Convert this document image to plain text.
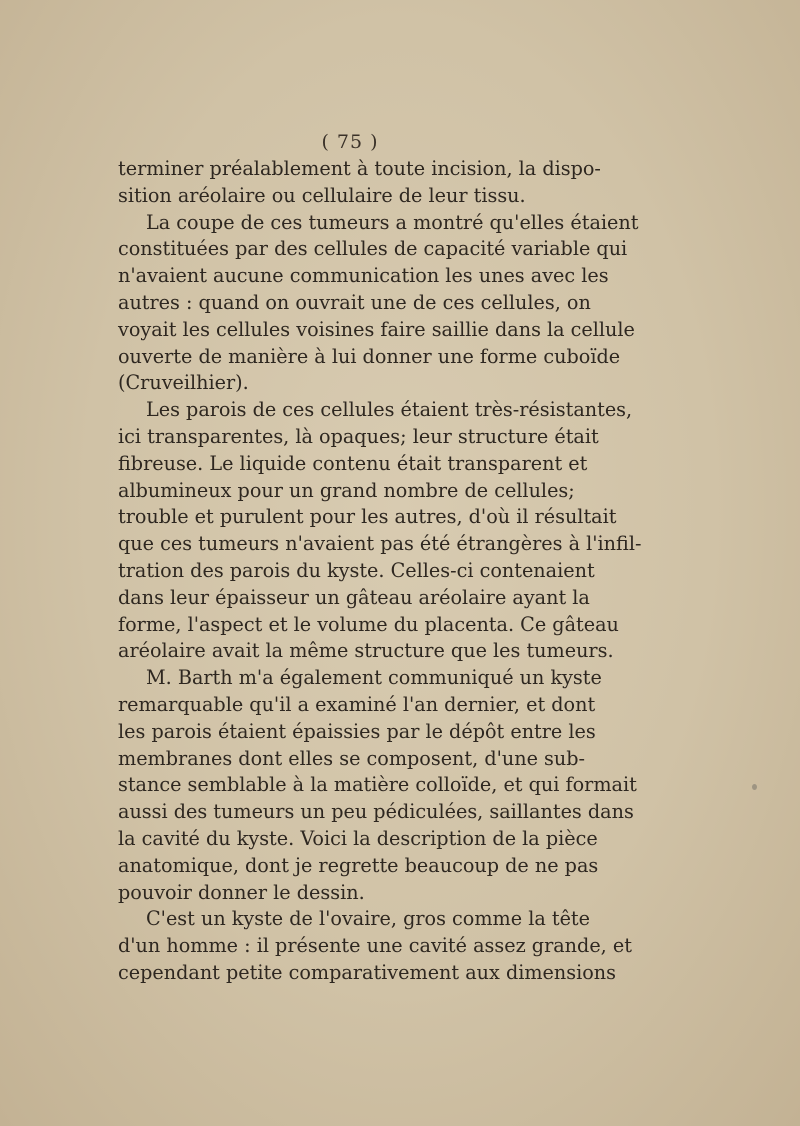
( 75 )
terminer préalablement à toute incision, la dispo-
sition aréolaire ou cellulaire de leur tissu.
La coupe de ces tumeurs a montré qu'elles étaient
constituées par des cellules de capacité variable qui
n'avaient aucune communication les unes avec les
autres : quand on ouvrait une de ces cellules, on
voyait les cellules voisines faire saillie dans la cellule
ouverte de manière à lui donner une forme cuboïde
(Cruveilhier).
Les parois de ces cellules étaient très-résistantes,
ici transparentes, là opaques; leur structure était
fibreuse. Le liquide contenu était transparent et
albumineux pour un grand nombre de cellules;
trouble et purulent pour les autres, d'où il résultait
que ces tumeurs n'avaient pas été étrangères à l'infil-
tration des parois du kyste. Celles-ci contenaient
dans leur épaisseur un gâteau aréolaire ayant la
forme, l'aspect et le volume du placenta. Ce gâteau
aréolaire avait la même structure que les tumeurs.
M. Barth m'a également communiqué un kyste
remarquable qu'il a examiné l'an dernier, et dont
les parois étaient épaissies par le dépôt entre les
membranes dont elles se composent, d'une sub-
stance semblable à la matière colloïde, et qui formait
aussi des tumeurs un peu pédiculées, saillantes dans
la cavité du kyste. Voici la description de la pièce
anatomique, dont je regrette beaucoup de ne pas
pouvoir donner le dessin.
C'est un kyste de l'ovaire, gros comme la tête
d'un homme : il présente une cavité assez grande, et
cependant petite comparativement aux dimensions
